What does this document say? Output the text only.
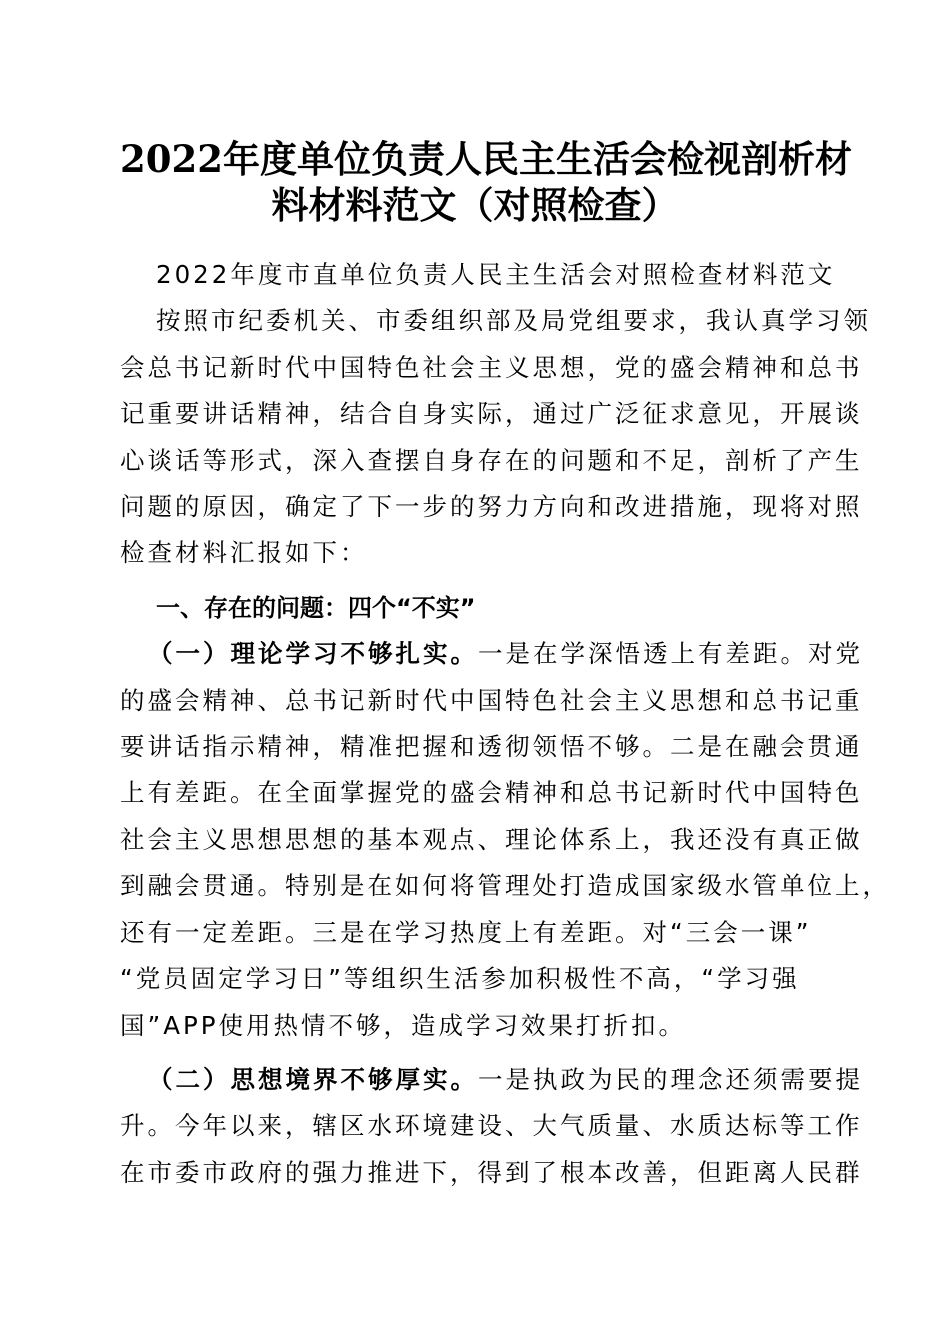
2022年度单位负责人民主生活会检视剖析材
料材料范文（对照检查）
2022年度市直单位负责人民主生活会对照检查材料范文
按照市纪委机关、市委组织部及局党组要求，我认真学习领
会总书记新时代中国特色社会主义思想，党的盛会精神和总书
记重要讲话精神，结合自身实际，通过广泛征求意见，开展谈
心谈话等形式，深入查摆自身存在的问题和不足，剖析了产生
问题的原因，确定了下一步的努力方向和改进措施，现将对照
检查材料汇报如下：
一、存在的问题：四个“不实”
（一）理论学习不够扎实。一是在学深悟透上有差距。对党
的盛会精神、总书记新时代中国特色社会主义思想和总书记重
要讲话指示精神，精准把握和透彻领悟不够。二是在融会贯通
上有差距。在全面掌握党的盛会精神和总书记新时代中国特色
社会主义思想思想的基本观点、理论体系上，我还没有真正做
到融会贯通。特别是在如何将管理处打造成国家级水管单位上，
还有一定差距。三是在学习热度上有差距。对“三会一课”
“党员固定学习日”等组织生活参加积极性不高，“学习强
国”APP使用热情不够，造成学习效果打折扣。
（二）思想境界不够厚实。一是执政为民的理念还须需要提
升。今年以来，辖区水环境建设、大气质量、水质达标等工作
在市委市政府的强力推进下，得到了根本改善，但距离人民群
